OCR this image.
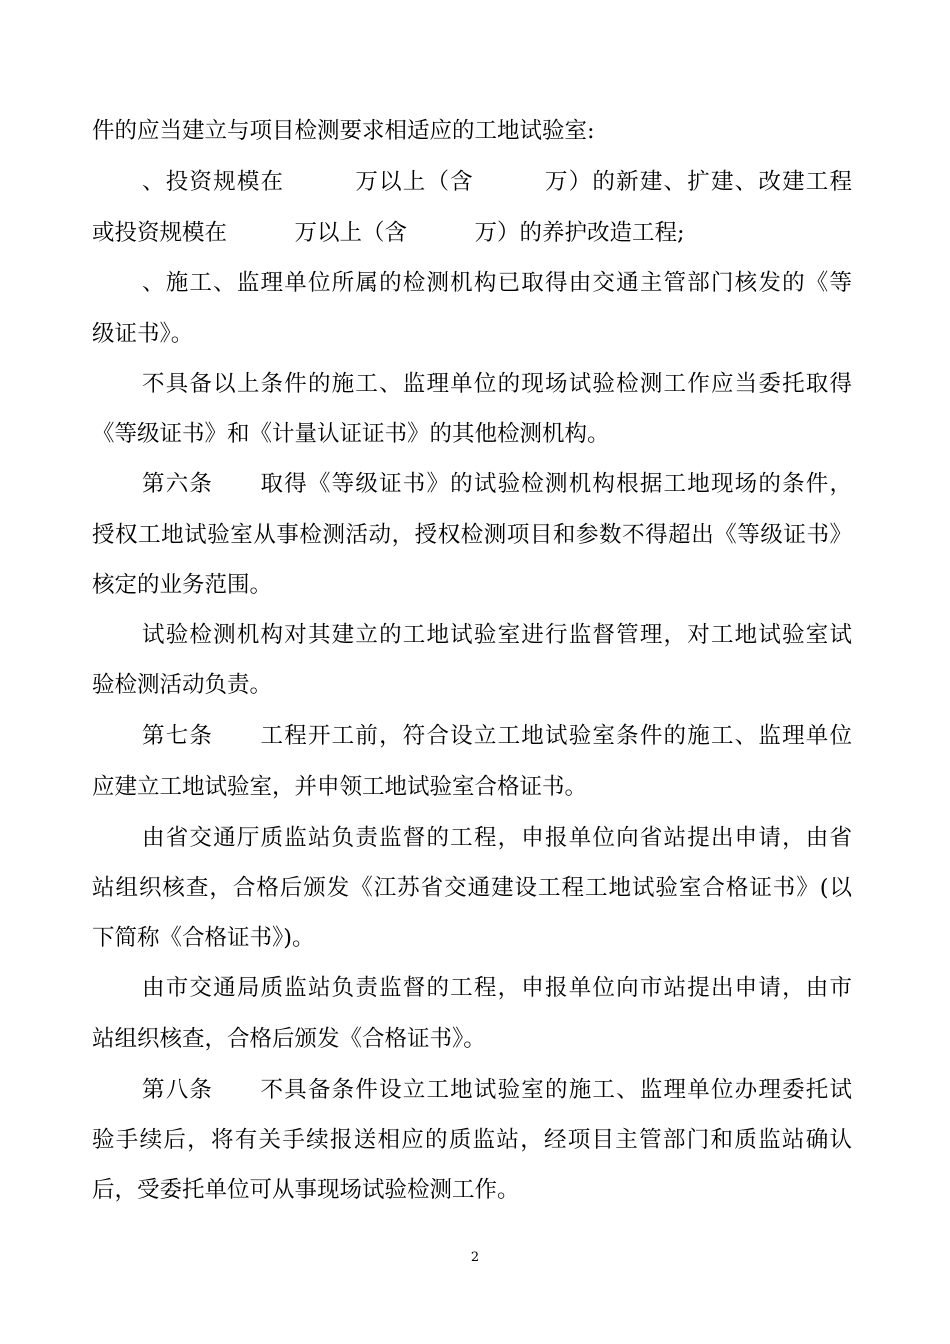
件的应当建立与项目检测要求相适应的工地试验室:
、投资规模在　　　万以上（含　　　万）的新建、扩建、改建工程
或投资规模在　　　万以上（含　　　万）的养护改造工程;
、施工、监理单位所属的检测机构已取得由交通主管部门核发的《等
级证书》。
不具备以上条件的施工、监理单位的现场试验检测工作应当委托取得
《等级证书》和《计量认证证书》的其他检测机构。
第六条　　取得《等级证书》的试验检测机构根据工地现场的条件，
授权工地试验室从事检测活动，授权检测项目和参数不得超出《等级证书》
核定的业务范围。
试验检测机构对其建立的工地试验室进行监督管理，对工地试验室试
验检测活动负责。
第七条　　工程开工前，符合设立工地试验室条件的施工、监理单位
应建立工地试验室，并申领工地试验室合格证书。
由省交通厅质监站负责监督的工程，申报单位向省站提出申请，由省
站组织核查，合格后颁发《江苏省交通建设工程工地试验室合格证书》(以
下简称《合格证书》)。
由市交通局质监站负责监督的工程，申报单位向市站提出申请，由市
站组织核查，合格后颁发《合格证书》。
第八条　　不具备条件设立工地试验室的施工、监理单位办理委托试
验手续后，将有关手续报送相应的质监站，经项目主管部门和质监站确认
后，受委托单位可从事现场试验检测工作。
2
